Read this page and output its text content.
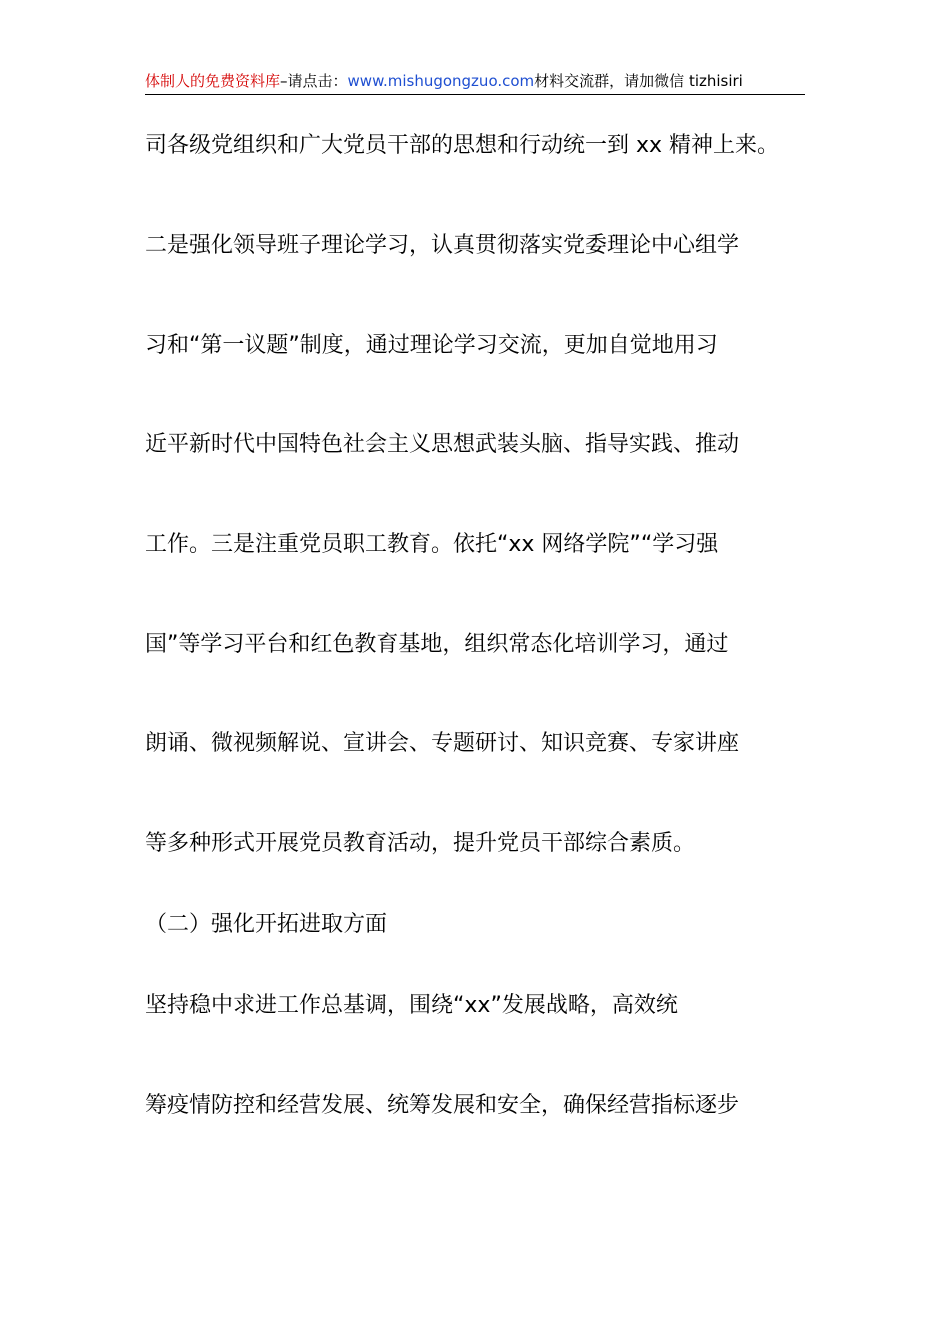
体制人的免费资料库–请点击：www.mishugongzuo.com材料交流群，请加微信 tizhisiri

司各级党组织和广大党员干部的思想和行动统一到 xx 精神上来。

二是强化领导班子理论学习，认真贯彻落实党委理论中心组学

习和“第一议题”制度，通过理论学习交流，更加自觉地用习

近平新时代中国特色社会主义思想武装头脑、指导实践、推动

工作。三是注重党员职工教育。依托“xx 网络学院”“学习强

国”等学习平台和红色教育基地，组织常态化培训学习，通过

朗诵、微视频解说、宣讲会、专题研讨、知识竞赛、专家讲座

等多种形式开展党员教育活动，提升党员干部综合素质。

（二）强化开拓进取方面

坚持稳中求进工作总基调，围绕“xx”发展战略，高效统

筹疫情防控和经营发展、统筹发展和安全，确保经营指标逐步
